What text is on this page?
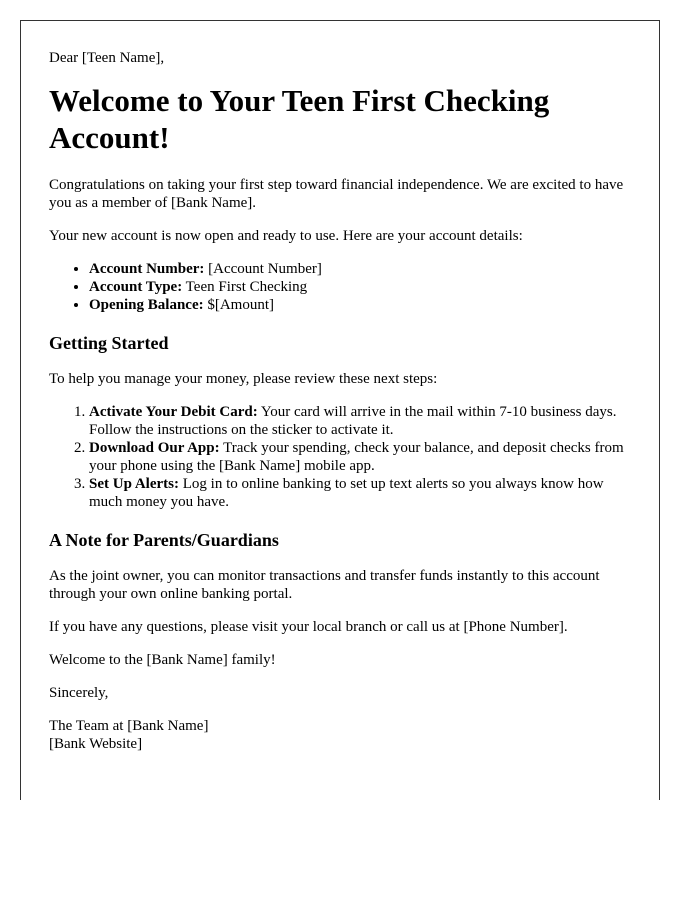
Dear [Teen Name],

Welcome to Your Teen First Checking Account!

Congratulations on taking your first step toward financial independence. We are excited to have you as a member of [Bank Name].

Your new account is now open and ready to use. Here are your account details:

• Account Number: [Account Number]
• Account Type: Teen First Checking
• Opening Balance: $[Amount]
Getting Started

To help you manage your money, please review these next steps:

1. Activate Your Debit Card: Your card will arrive in the mail within 7-10 business days. Follow the instructions on the sticker to activate it.
2. Download Our App: Track your spending, check your balance, and deposit checks from your phone using the [Bank Name] mobile app.
3. Set Up Alerts: Log in to online banking to set up text alerts so you always know how much money you have.
A Note for Parents/Guardians

As the joint owner, you can monitor transactions and transfer funds instantly to this account through your own online banking portal.

If you have any questions, please visit your local branch or call us at [Phone Number].

Welcome to the [Bank Name] family!

Sincerely,

The Team at [Bank Name]
[Bank Website]
